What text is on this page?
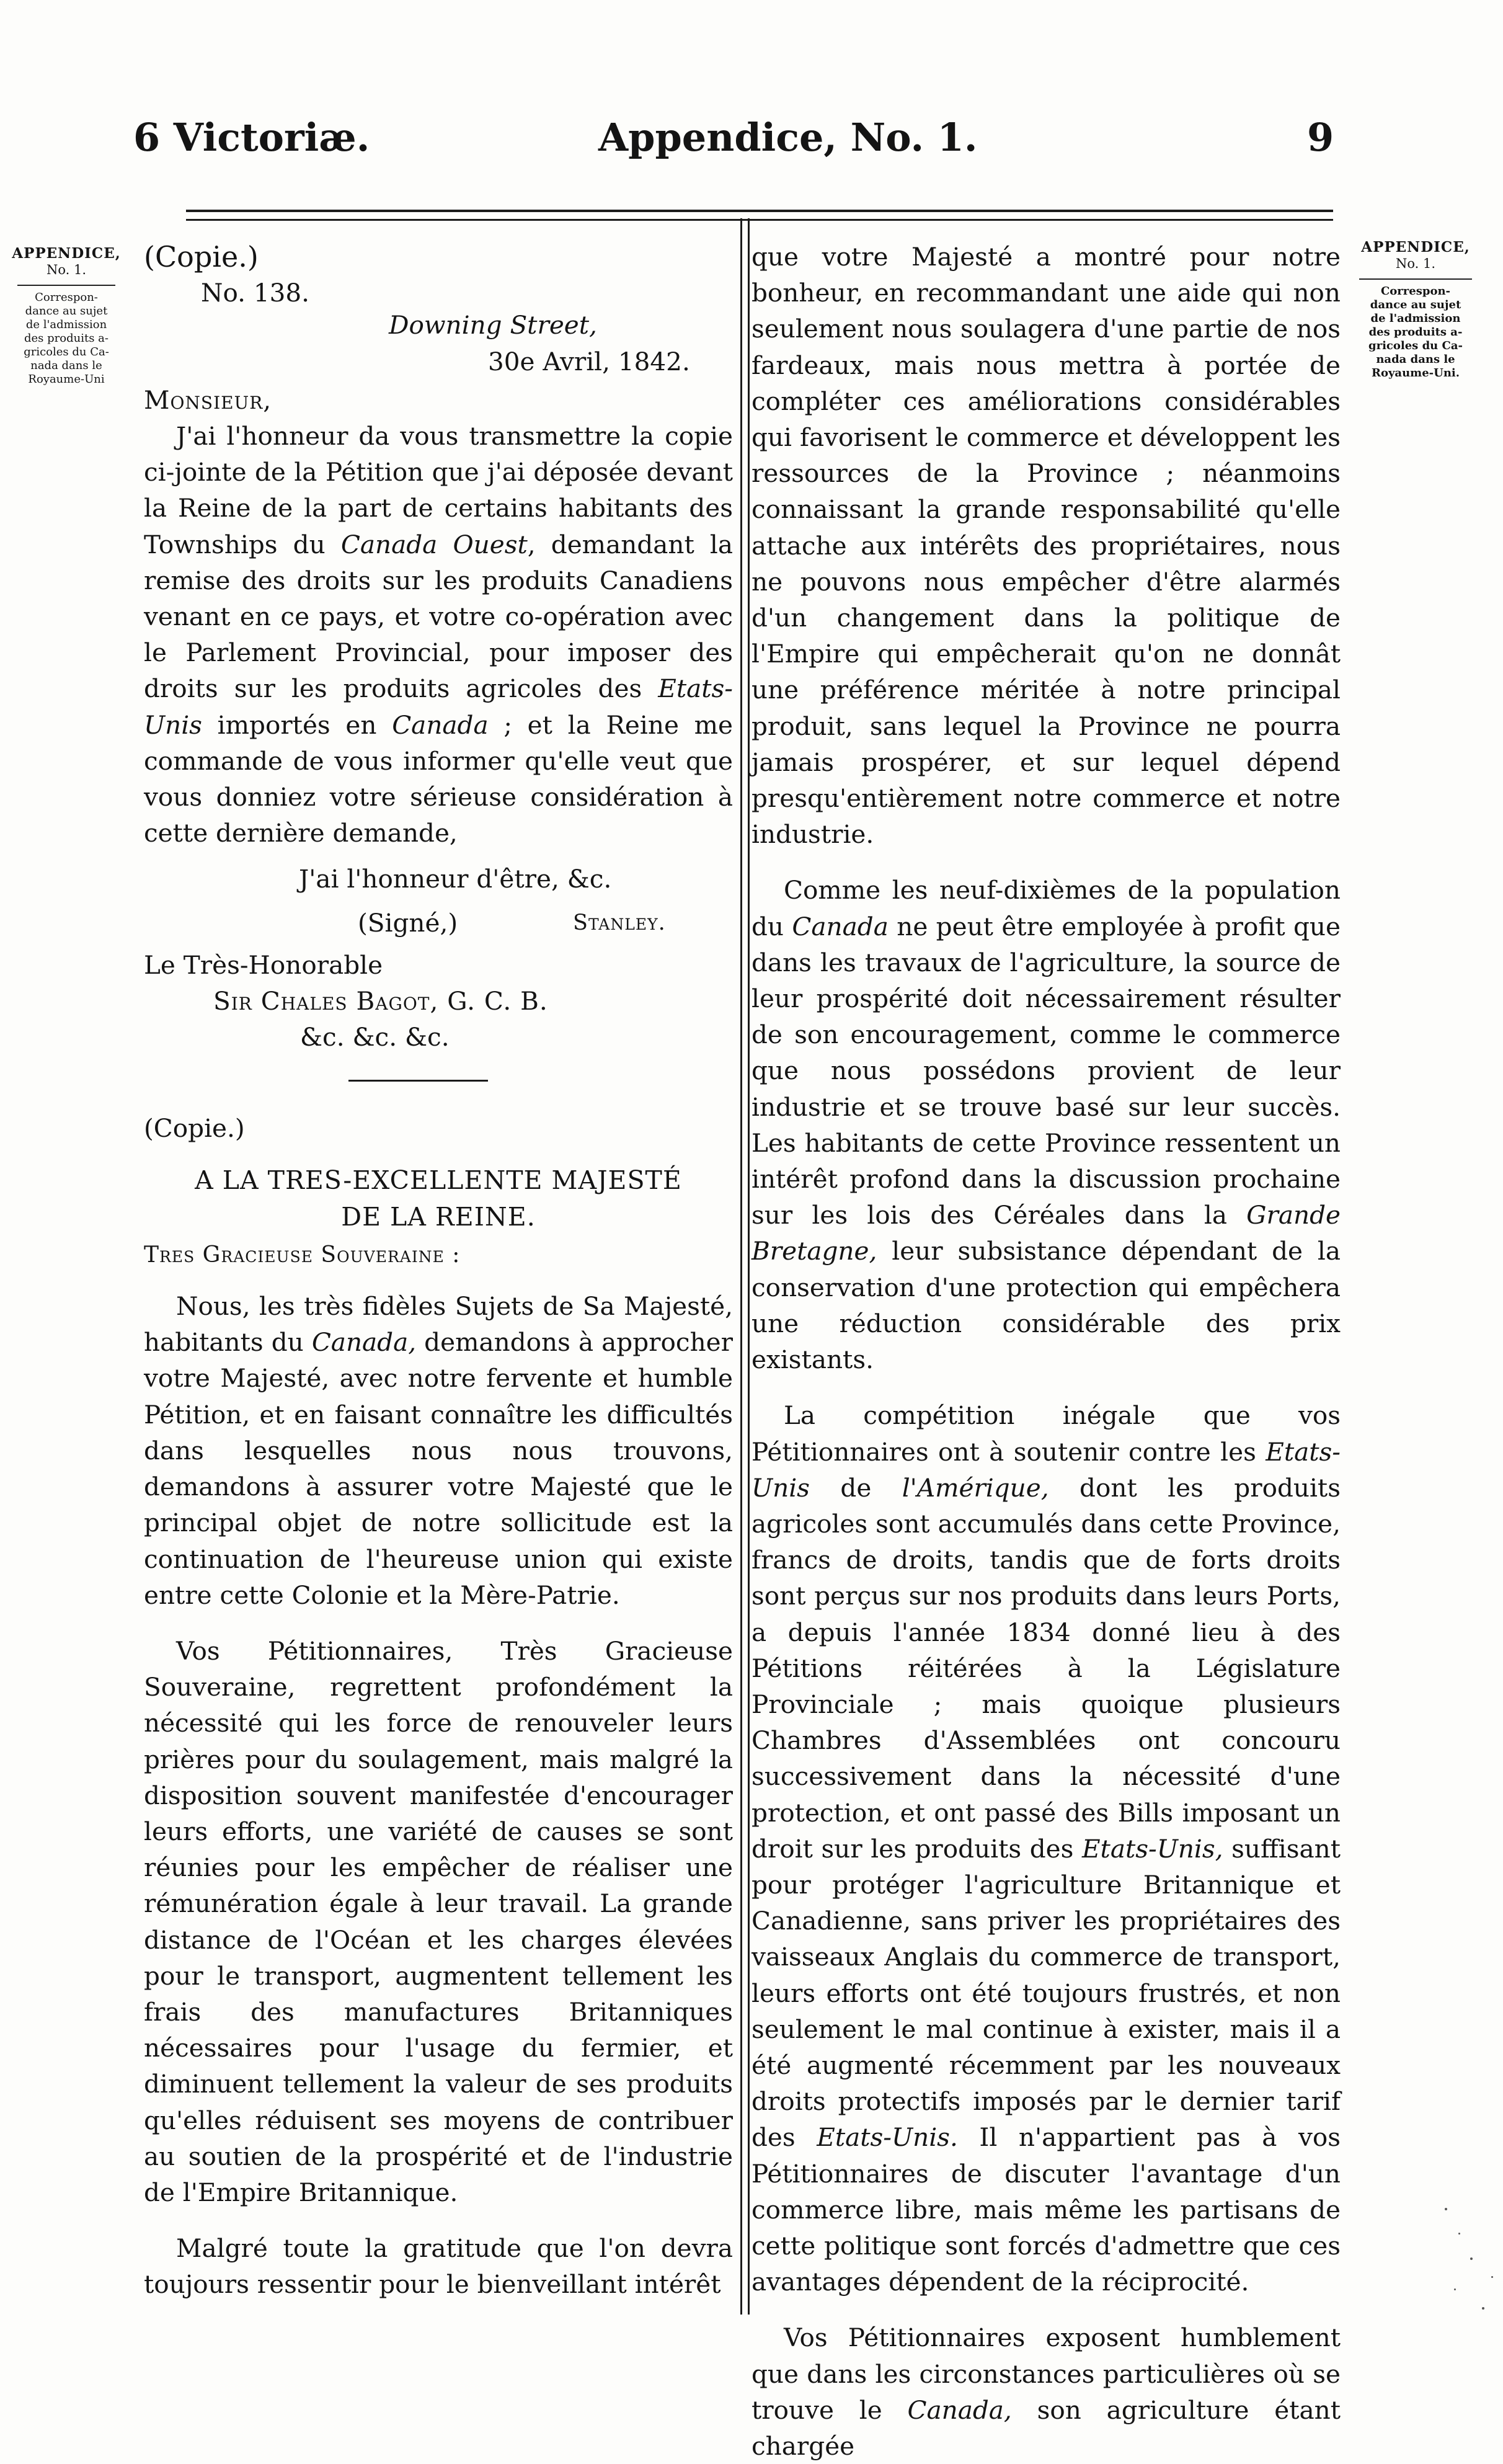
6 Victoriæ.	Appendice, No. 1.	9
APPENDICE,
No. 1.
Correspon-
dance au sujet
de l'admission
des produits a-
gricoles du Ca-
nada dans le
Royaume-Uni
APPENDICE,
No. 1.
Correspon-
dance au sujet
de l'admission
des produits a-
gricoles du Ca-
nada dans le
Royaume-Uni.

(Copie.)

No. 138.

Downing Street,

30e Avril, 1842.

Monsieur,

J'ai l'honneur da vous transmettre la copie ci-jointe de la Pétition que j'ai déposée devant la Reine de la part de certains habitants des Townships du Canada Ouest, demandant la remise des droits sur les produits Canadiens venant en ce pays, et votre co-opération avec le Parlement Provincial, pour imposer des droits sur les produits agricoles des Etats-Unis importés en Canada ; et la Reine me commande de vous informer qu'elle veut que vous donniez votre sérieuse considération à cette dernière demande,

J'ai l'honneur d'être, &c.

(Signé,)	Stanley.

Le Très-Honorable

Sir Chales Bagot, G. C. B.

&c. &c. &c.

(Copie.)

A LA TRES-EXCELLENTE MAJESTÉ

DE LA REINE.

Tres Gracieuse Souveraine :

Nous, les très fidèles Sujets de Sa Majesté, habitants du Canada, demandons à approcher votre Majesté, avec notre fervente et humble Pétition, et en faisant connaître les difficultés dans lesquelles nous nous trouvons, demandons à assurer votre Majesté que le principal objet de notre sollicitude est la continuation de l'heureuse union qui existe entre cette Colonie et la Mère-Patrie.

Vos Pétitionnaires, Très Gracieuse Souveraine, regrettent profondément la nécessité qui les force de renouveler leurs prières pour du soulagement, mais malgré la disposition souvent manifestée d'encourager leurs efforts, une variété de causes se sont réunies pour les empêcher de réaliser une rémunération égale à leur travail. La grande distance de l'Océan et les charges élevées pour le transport, augmentent tellement les frais des manufactures Britanniques nécessaires pour l'usage du fermier, et diminuent tellement la valeur de ses produits qu'elles réduisent ses moyens de contribuer au soutien de la prospérité et de l'industrie de l'Empire Britannique.

Malgré toute la gratitude que l'on devra toujours ressentir pour le bienveillant intérêt

que votre Majesté a montré pour notre bonheur, en recommandant une aide qui non seulement nous soulagera d'une partie de nos fardeaux, mais nous mettra à portée de compléter ces améliorations considérables qui favorisent le commerce et développent les ressources de la Province ; néanmoins connaissant la grande responsabilité qu'elle attache aux intérêts des propriétaires, nous ne pouvons nous empêcher d'être alarmés d'un changement dans la politique de l'Empire qui empêcherait qu'on ne donnât une préférence méritée à notre principal produit, sans lequel la Province ne pourra jamais prospérer, et sur lequel dépend presqu'entièrement notre commerce et notre industrie.

Comme les neuf-dixièmes de la population du Canada ne peut être employée à profit que dans les travaux de l'agriculture, la source de leur prospérité doit nécessairement résulter de son encouragement, comme le commerce que nous possédons provient de leur industrie et se trouve basé sur leur succès. Les habitants de cette Province ressentent un intérêt profond dans la discussion prochaine sur les lois des Céréales dans la Grande Bretagne, leur subsistance dépendant de la conservation d'une protection qui empêchera une réduction considérable des prix existants.

La compétition inégale que vos Pétitionnaires ont à soutenir contre les Etats-Unis de l'Amérique, dont les produits agricoles sont accumulés dans cette Province, francs de droits, tandis que de forts droits sont perçus sur nos produits dans leurs Ports, a depuis l'année 1834 donné lieu à des Pétitions réitérées à la Législature Provinciale ; mais quoique plusieurs Chambres d'Assemblées ont concouru successivement dans la nécessité d'une protection, et ont passé des Bills imposant un droit sur les produits des Etats-Unis, suffisant pour protéger l'agriculture Britannique et Canadienne, sans priver les propriétaires des vaisseaux Anglais du commerce de transport, leurs efforts ont été toujours frustrés, et non seulement le mal continue à exister, mais il a été augmenté récemment par les nouveaux droits protectifs imposés par le dernier tarif des Etats-Unis. Il n'appartient pas à vos Pétitionnaires de discuter l'avantage d'un commerce libre, mais même les partisans de cette politique sont forcés d'admettre que ces avantages dépendent de la réciprocité.

Vos Pétitionnaires exposent humblement que dans les circonstances particulières où se trouve le Canada, son agriculture étant chargée
